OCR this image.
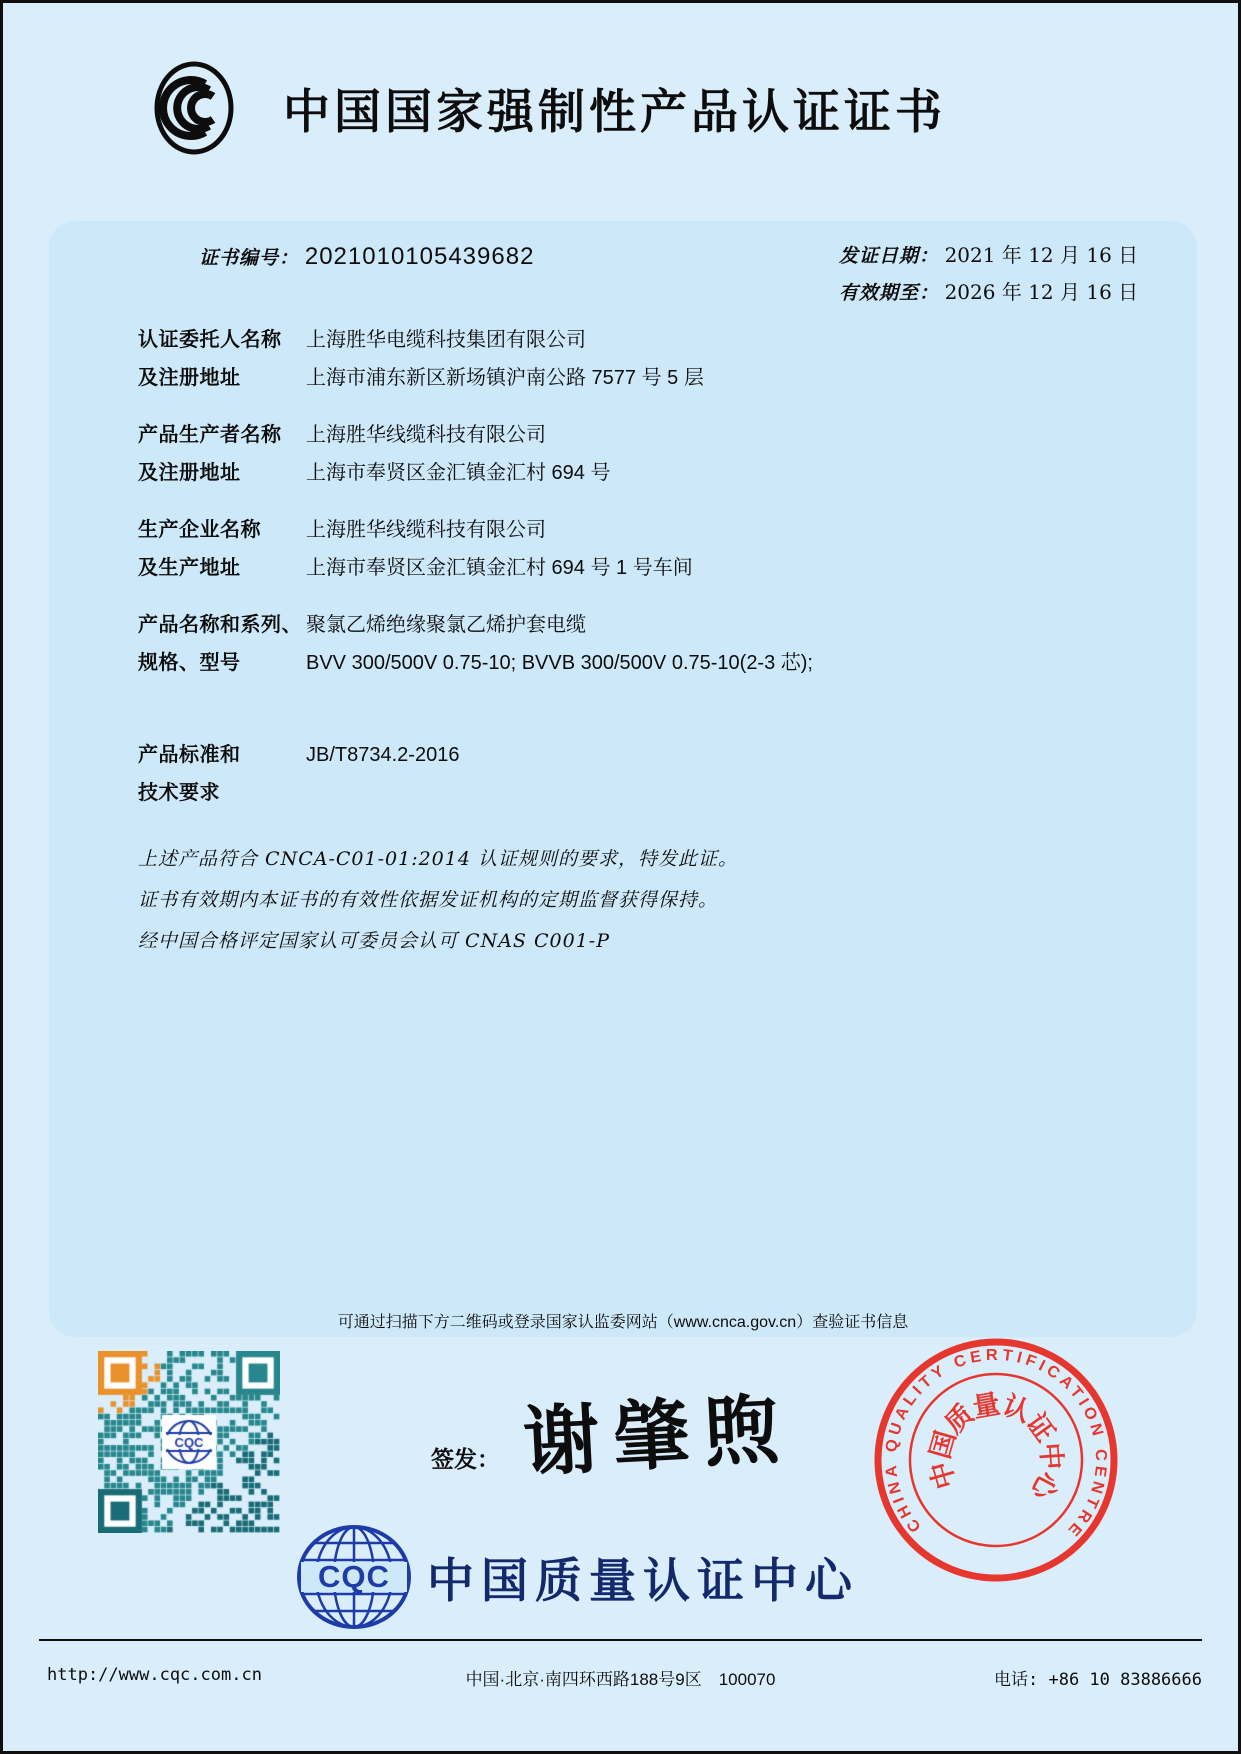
中国国家强制性产品认证证书
证书编号： 2021010105439682	发证日期： 2021 年 12 月 16 日
有效期至： 2026 年 12 月 16 日
认证委托人名称	上海胜华电缆科技集团有限公司
及注册地址	上海市浦东新区新场镇沪南公路 7577 号 5 层
产品生产者名称	上海胜华线缆科技有限公司
及注册地址	上海市奉贤区金汇镇金汇村 694 号
生产企业名称	上海胜华线缆科技有限公司
及生产地址	上海市奉贤区金汇镇金汇村 694 号 1 号车间
产品名称和系列、 聚氯乙烯绝缘聚氯乙烯护套电缆
规格、型号	BVV 300/500V 0.75-10; BVVB 300/500V 0.75-10(2-3 芯);
产品标准和	JB/T8734.2-2016
技术要求
上述产品符合 CNCA-C01-01:2014 认证规则的要求，特发此证。
证书有效期内本证书的有效性依据发证机构的定期监督获得保持。
经中国合格评定国家认可委员会认可 CNAS C001-P
可通过扫描下方二维码或登录国家认监委网站（www.cnca.gov.cn）查验证书信息
签发： 谢肇煦
CQC 中国质量认证中心
CHINA QUALITY CERTIFICATION CENTRE
中
国
质
量
认
证
中
心
http://www.cqc.com.cn	中国·北京·南四环西路188号9区　100070	电话: +86 10 83886666
